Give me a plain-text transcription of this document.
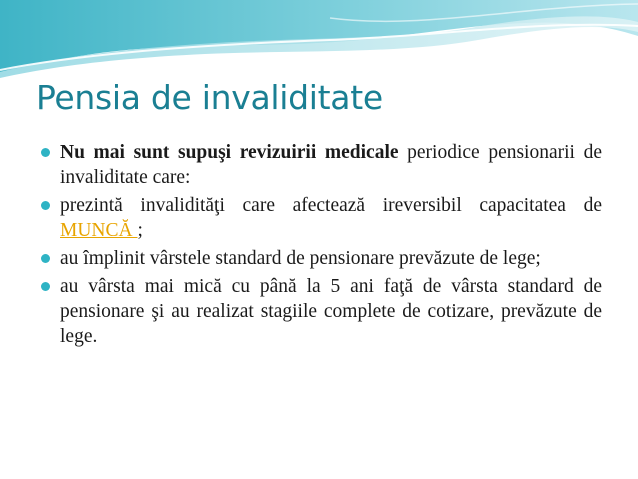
Pensia de invaliditate
Nu mai sunt supuşi revizuirii medicale periodice pensionarii de invaliditate care:
prezintă invalidităţi care afectează ireversibil capacitatea de MUNCĂ ;
au împlinit vârstele standard de pensionare prevăzute de lege;
au vârsta mai mică cu până la 5 ani faţă de vârsta standard de pensionare şi au realizat stagiile complete de cotizare, prevăzute de lege.
